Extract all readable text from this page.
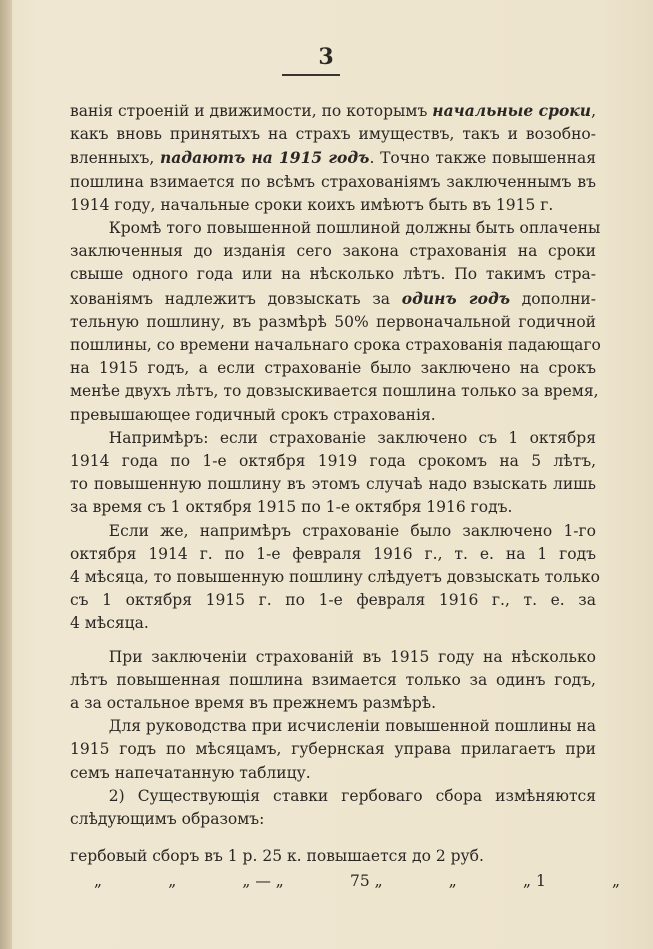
3
ванія строеній и движимости, по которымъ начальные сроки,
какъ вновь принятыхъ на страхъ имуществъ, такъ и возобно-
вленныхъ, падаютъ на 1915 годъ. Точно также повышенная
пошлина взимается по всѣмъ страхованіямъ заключеннымъ въ
1914 году, начальные сроки коихъ имѣютъ быть въ 1915 г.
   Кромѣ того повышенной пошлиной должны быть оплачены
заключенныя до изданія сего закона страхованія на сроки
свыше одного года или на нѣсколько лѣтъ. По такимъ стра-
хованіямъ надлежитъ довзыскать за одинъ годъ дополни-
тельную пошлину, въ размѣрѣ 50% первоначальной годичной
пошлины, со времени начальнаго срока страхованія падающаго
на 1915 годъ, а если страхованіе было заключено на срокъ
менѣе двухъ лѣтъ, то довзыскивается пошлина только за время,
превышающее годичный срокъ страхованія.
   Напримѣръ: если страхованіе заключено съ 1 октября
1914 года по 1-е октября 1919 года срокомъ на 5 лѣтъ,
то повышенную пошлину въ этомъ случаѣ надо взыскать лишь
за время съ 1 октября 1915 по 1-е октября 1916 годъ.
   Если же, напримѣръ страхованіе было заключено 1-го
октября 1914 г. по 1-е февраля 1916 г., т. е. на 1 годъ
4 мѣсяца, то повышенную пошлину слѣдуетъ довзыскать только
съ 1 октября 1915 г. по 1-е февраля 1916 г., т. е. за
4 мѣсяца.
   При заключеніи страхованій въ 1915 году на нѣсколько
лѣтъ повышенная пошлина взимается только за одинъ годъ,
а за остальное время въ прежнемъ размѣрѣ.
   Для руководства при исчисленіи повышенной пошлины на
1915 годъ по мѣсяцамъ, губернская управа прилагаетъ при
семъ напечатанную таблицу.
   2) Существующія ставки гербоваго сбора измѣняются
слѣдующимъ образомъ:
гербовый сборъ въ 1 р. 25 к. повышается до 2 руб.
„	„	„ — „	75 „	„	„ 1	„
